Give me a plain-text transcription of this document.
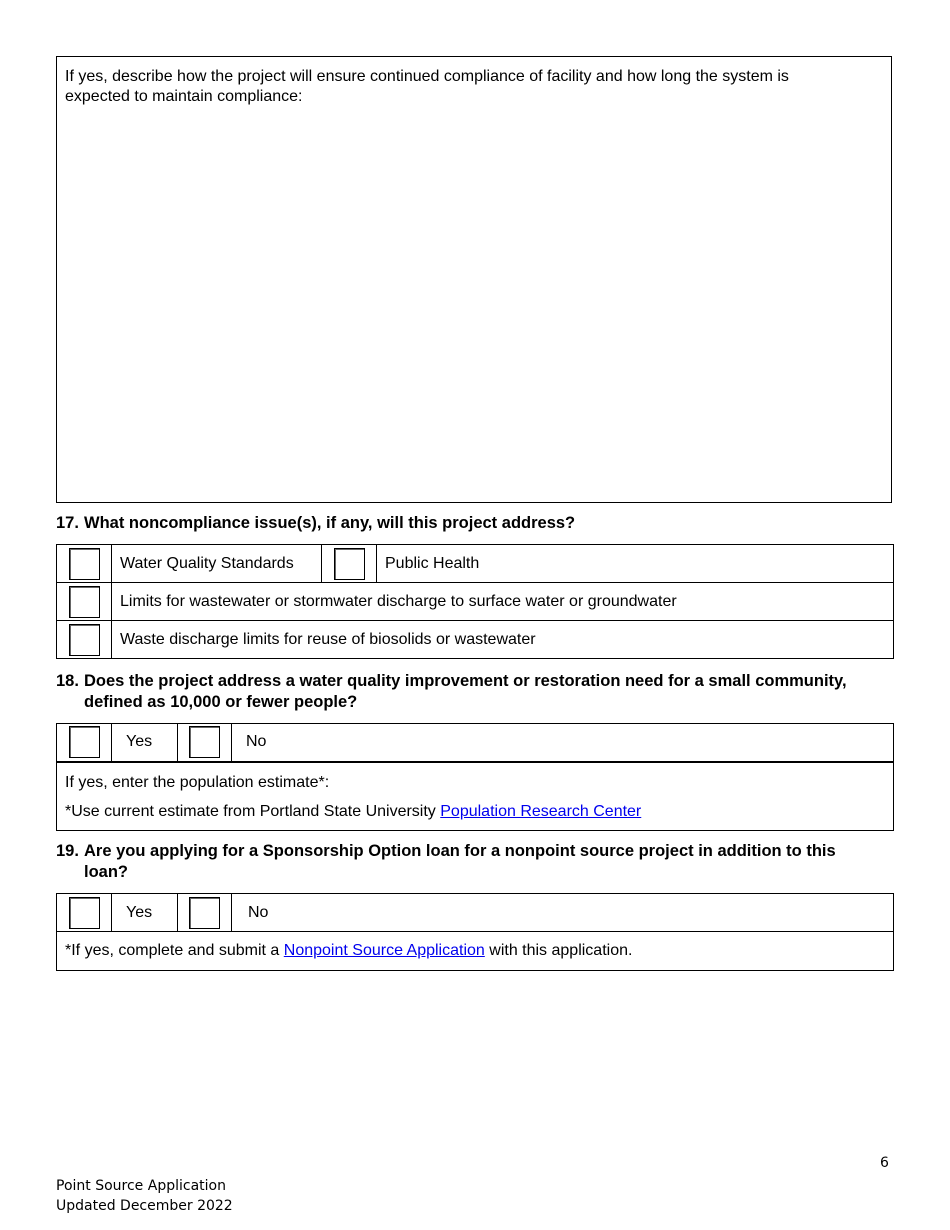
If yes, describe how the project will ensure continued compliance of facility and how long the system is expected to maintain compliance:
17. What noncompliance issue(s), if any, will this project address?
	Water Quality Standards		Public Health
	Limits for wastewater or stormwater discharge to surface water or groundwater		
	Waste discharge limits for reuse of biosolids or wastewater		
18. Does the project address a water quality improvement or restoration need for a small community,
defined as 10,000 or fewer people?
	Yes		No

If yes, enter the population estimate*:
*Use current estimate from Portland State University Population Research Center
19. Are you applying for a Sponsorship Option loan for a nonpoint source project in addition to this
loan?
	Yes		No
*If yes, complete and submit a Nonpoint Source Application with this application.
6
Point Source Application
Updated December 2022
